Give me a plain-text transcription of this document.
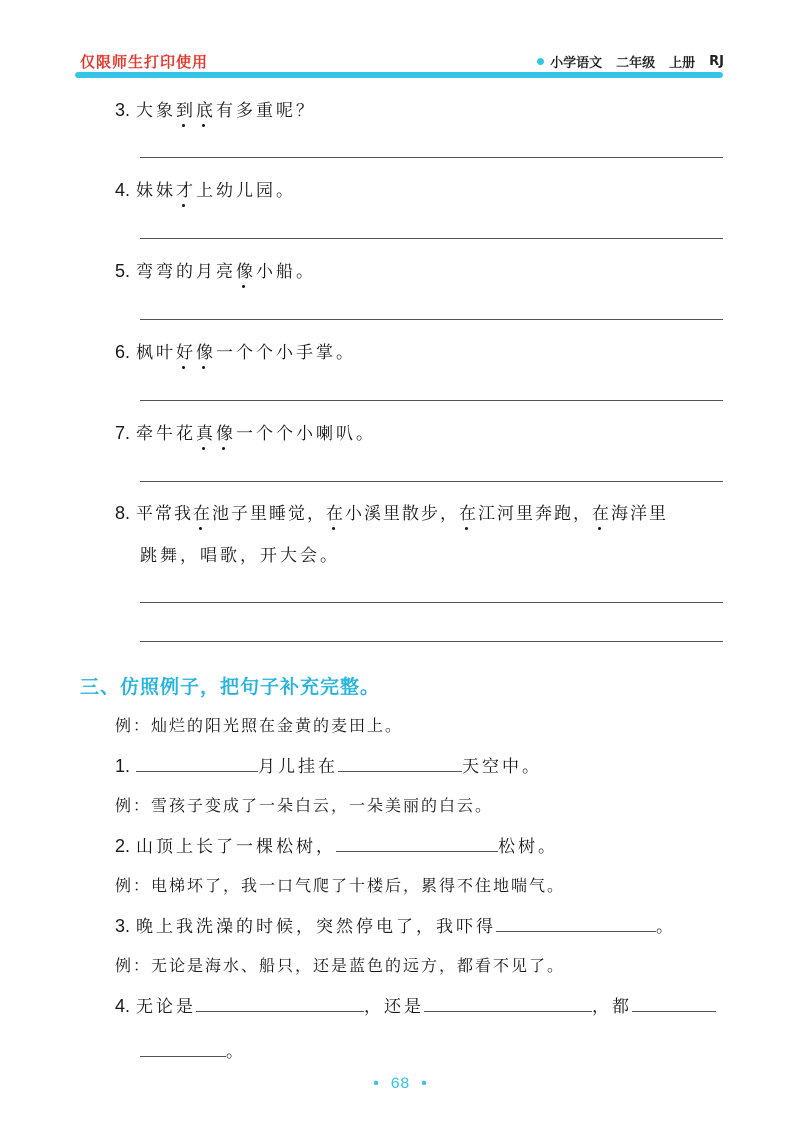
仅限师生打印使用	小学语文 二年级 上册 RJ
3. 大象到底有多重呢？
4. 妹妹才上幼儿园。
5. 弯弯的月亮像小船。
6. 枫叶好像一个个小手掌。
7. 牵牛花真像一个个小喇叭。
8. 平常我在池子里睡觉，在小溪里散步，在江河里奔跑，在海洋里
跳舞，唱歌，开大会。
三、仿照例子，把句子补充完整。
例：灿烂的阳光照在金黄的麦田上。
1.	月儿挂在	天空中。
例：雪孩子变成了一朵白云，一朵美丽的白云。
2. 山顶上长了一棵松树，	松树。
例：电梯坏了，我一口气爬了十楼后，累得不住地喘气。
3. 晚上我洗澡的时候，突然停电了，我吓得	。
例：无论是海水、船只，还是蓝色的远方，都看不见了。
4. 无论是	，还是	，都
。
• 68 •
